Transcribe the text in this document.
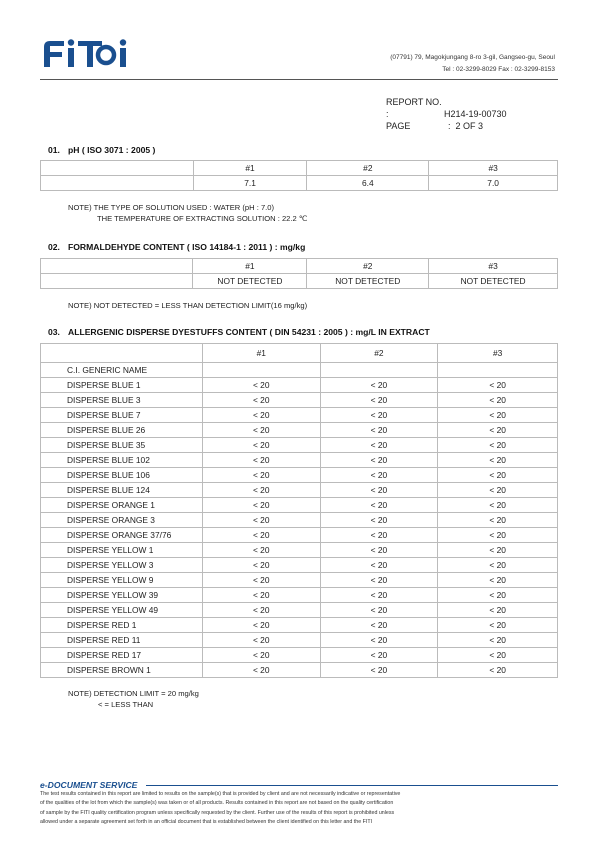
(07791) 79, Magokjungang 8-ro 3-gil, Gangseo-gu, Seoul
Tel : 02-3299-8029 Fax : 02-3299-8153
REPORT NO. :	H214-19-00730
PAGE	: 2 OF 3
01. pH ( ISO 3071 : 2005 )
	#1	#2	#3
	7.1	6.4	7.0
NOTE) THE TYPE OF SOLUTION USED : WATER (pH : 7.0)
THE TEMPERATURE OF EXTRACTING SOLUTION : 22.2 ℃
02. FORMALDEHYDE CONTENT ( ISO 14184-1 : 2011 ) : mg/kg
	#1	#2	#3
	NOT DETECTED	NOT DETECTED	NOT DETECTED
NOTE) NOT DETECTED = LESS THAN DETECTION LIMIT(16 mg/kg)
03. ALLERGENIC DISPERSE DYESTUFFS CONTENT ( DIN 54231 : 2005 ) : mg/L IN EXTRACT
	#1	#2	#3
C.I. GENERIC NAME			
DISPERSE BLUE 1	< 20	< 20	< 20
DISPERSE BLUE 3	< 20	< 20	< 20
DISPERSE BLUE 7	< 20	< 20	< 20
DISPERSE BLUE 26	< 20	< 20	< 20
DISPERSE BLUE 35	< 20	< 20	< 20
DISPERSE BLUE 102	< 20	< 20	< 20
DISPERSE BLUE 106	< 20	< 20	< 20
DISPERSE BLUE 124	< 20	< 20	< 20
DISPERSE ORANGE 1	< 20	< 20	< 20
DISPERSE ORANGE 3	< 20	< 20	< 20
DISPERSE ORANGE 37/76	< 20	< 20	< 20
DISPERSE YELLOW 1	< 20	< 20	< 20
DISPERSE YELLOW 3	< 20	< 20	< 20
DISPERSE YELLOW 9	< 20	< 20	< 20
DISPERSE YELLOW 39	< 20	< 20	< 20
DISPERSE YELLOW 49	< 20	< 20	< 20
DISPERSE RED 1	< 20	< 20	< 20
DISPERSE RED 11	< 20	< 20	< 20
DISPERSE RED 17	< 20	< 20	< 20
DISPERSE BROWN 1	< 20	< 20	< 20
NOTE) DETECTION LIMIT = 20 mg/kg
< = LESS THAN
e-DOCUMENT SERVICE
The test results contained in this report are limited to results on the sample(s) that is provided by client and are not necessarily indicative or representative
of the qualities of the lot from which the sample(s) was taken or of all products. Results contained in this report are not based on the quality certification
of sample by the FITI quality certification program unless specifically requested by the client. Further use of the results of this report is prohibited unless
allowed under a separate agreement set forth in an official document that is established between the client identified on this letter and the FITI
